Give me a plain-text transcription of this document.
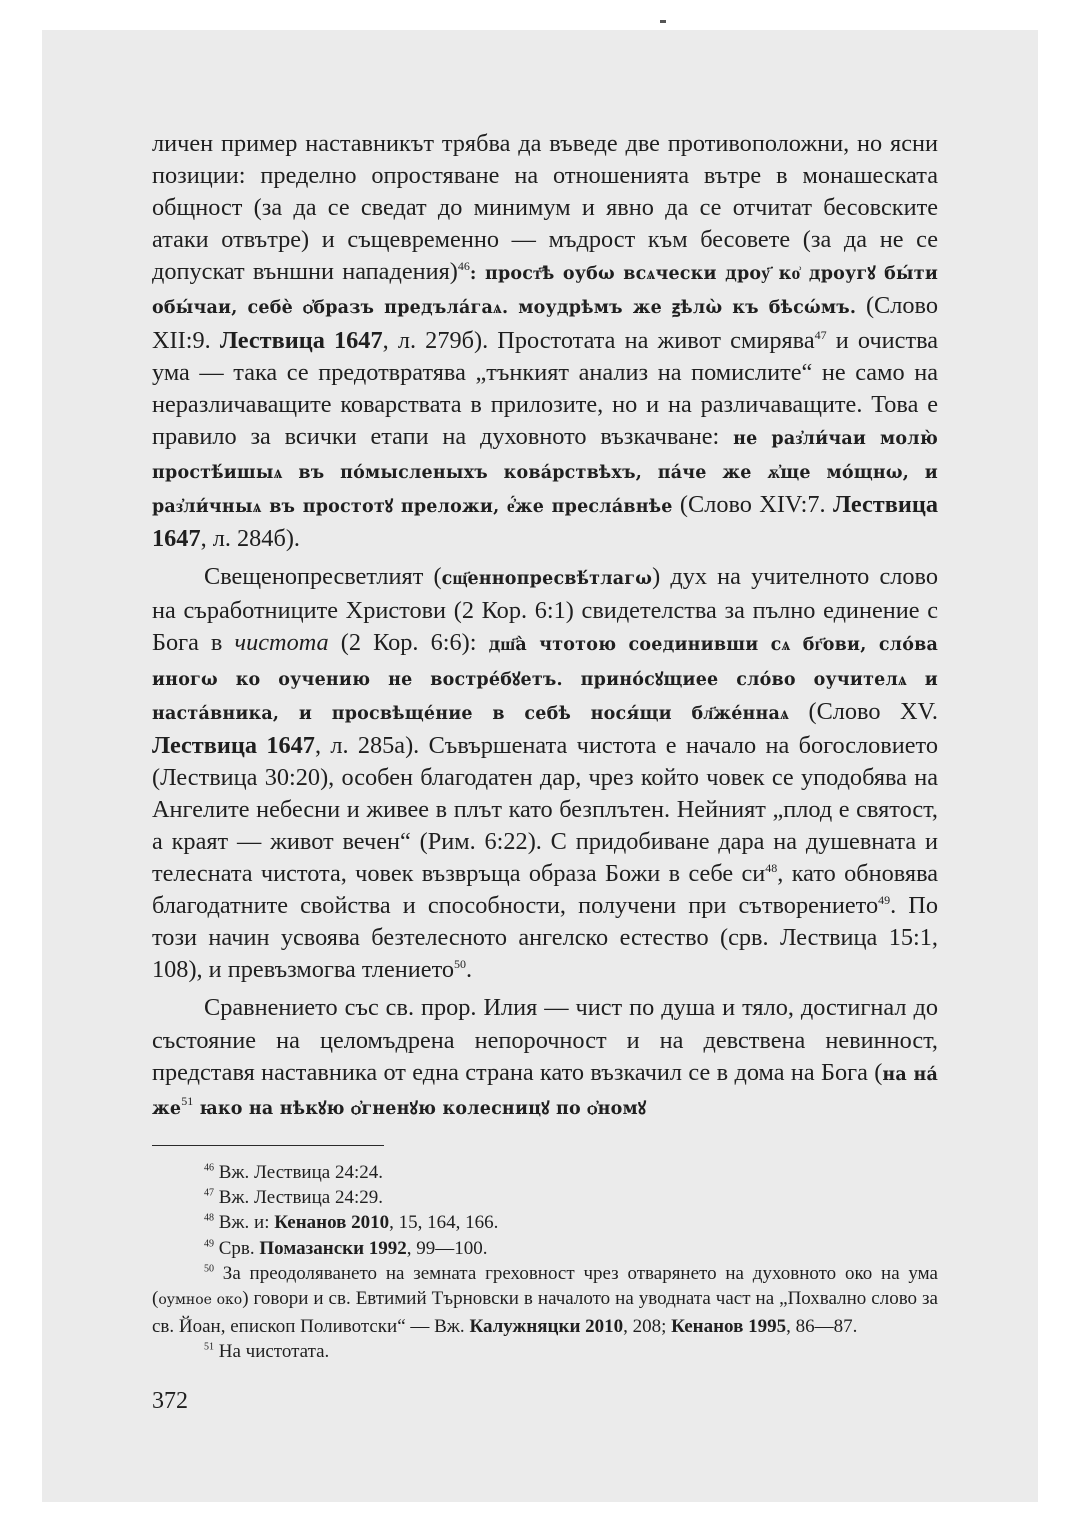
личен пример наставникът трябва да въведе две противоположни, но ясни позиции: пределно опростяване на отношенията вътре в монашеската общност (за да се сведат до минимум и явно да се отчитат бесовските атаки отвътре) и същевременно — мъдрост към бесовете (за да не се допускат външни нападения)$^{46}$: прост҃ѣ оубω всѧчески дроу҃ ко͗ дроугꙋ бы́ти обы́чаи, себѐ ѻ҆бразъ предъла́гаѧ. моудрѣмъ же ꙃѣлὼ къ бѣсώмъ. (Слово XII:9. Лествица 1647, л. 279б). Простотата на живот смирява$^{47}$ и очиства ума — така се предотвратява „тънкият анализ на помислите“ не само на неразличаващите коварствата в прилозите, но и на различаващите. Това е правило за всички етапи на духовното възкачване: не раз҆ли́чаи молю̀ простѣ́ишыѧ въ по́мысленыхъ кова́рствѣхъ, па́че же ѫ҆ще мо́щнω, и раз҆ли́чныѧ въ простотꙋ преложи, е҆́же пресла́внѣе (Слово XIV:7. Лествица 1647, л. 284б).

Свещенопресветлият (сщ҃еннопресвѣ́тлагω) дух на учителното слово на съработниците Христови (2 Кор. 6:1) свидетелства за пълно единение с Бога в чистота (2 Кор. 6:6): дш҃а̀ чтотою соединивши сѧ бг҃ови, сло́ва иногω ко оучению не востре́бꙋетъ. прино́сꙋщиее сло́во оучителѧ и наста́вника, и просвѣще́ние в себѣ нося́щи бл҃же́ннаѧ (Слово XV. Лествица 1647, л. 285а). Съвършената чистота е начало на богословието (Лествица 30:20), особен благодатен дар, чрез който човек се уподобява на Ангелите небесни и живее в плът като безплътен. Нейният „плод е святост, а краят — живот вечен“ (Рим. 6:22). С придобиване дара на душевната и телесната чистота, човек възвръща образа Божи в себе $си^{48}$, като обновява благодатните свойства и способности, получени при сътворението$^{49}$. По този начин усвоява безтелесното ангелско естество (срв. Лествица 15:1, 108), и превъзмогва тлението$^{50}$.

Сравнението със св. прор. Илия — чист по душа и тяло, достигнал до състояние на целомъдрена непорочност и на девствена невинност, представя наставника от една страна като възкачил се в дома на Бога (на на́ $же^{51}$ ꙗко на нѣкꙋю ѻ҆гненꙋю колесницꙋ по ѻ҆номꙋ

$^{46}$ Вж. Лествица 24:24.

$^{47}$ Вж. Лествица 24:29.

$^{48}$ Вж. и: Кенанов 2010, 15, 164, 166.

$^{49}$ Срв. Помазански 1992, 99—100.

$^{50}$ За преодоляването на земната греховност чрез отварянето на духовното око на ума (оумное око) говори и св. Евтимий Търновски в началото на уводната част на „Похвално слово за св. Йоан, епископ Поливотски“ — Вж. Калужняцки 2010, 208; Кенанов 1995, 86—87.

$^{51}$ На чистотата.

372
